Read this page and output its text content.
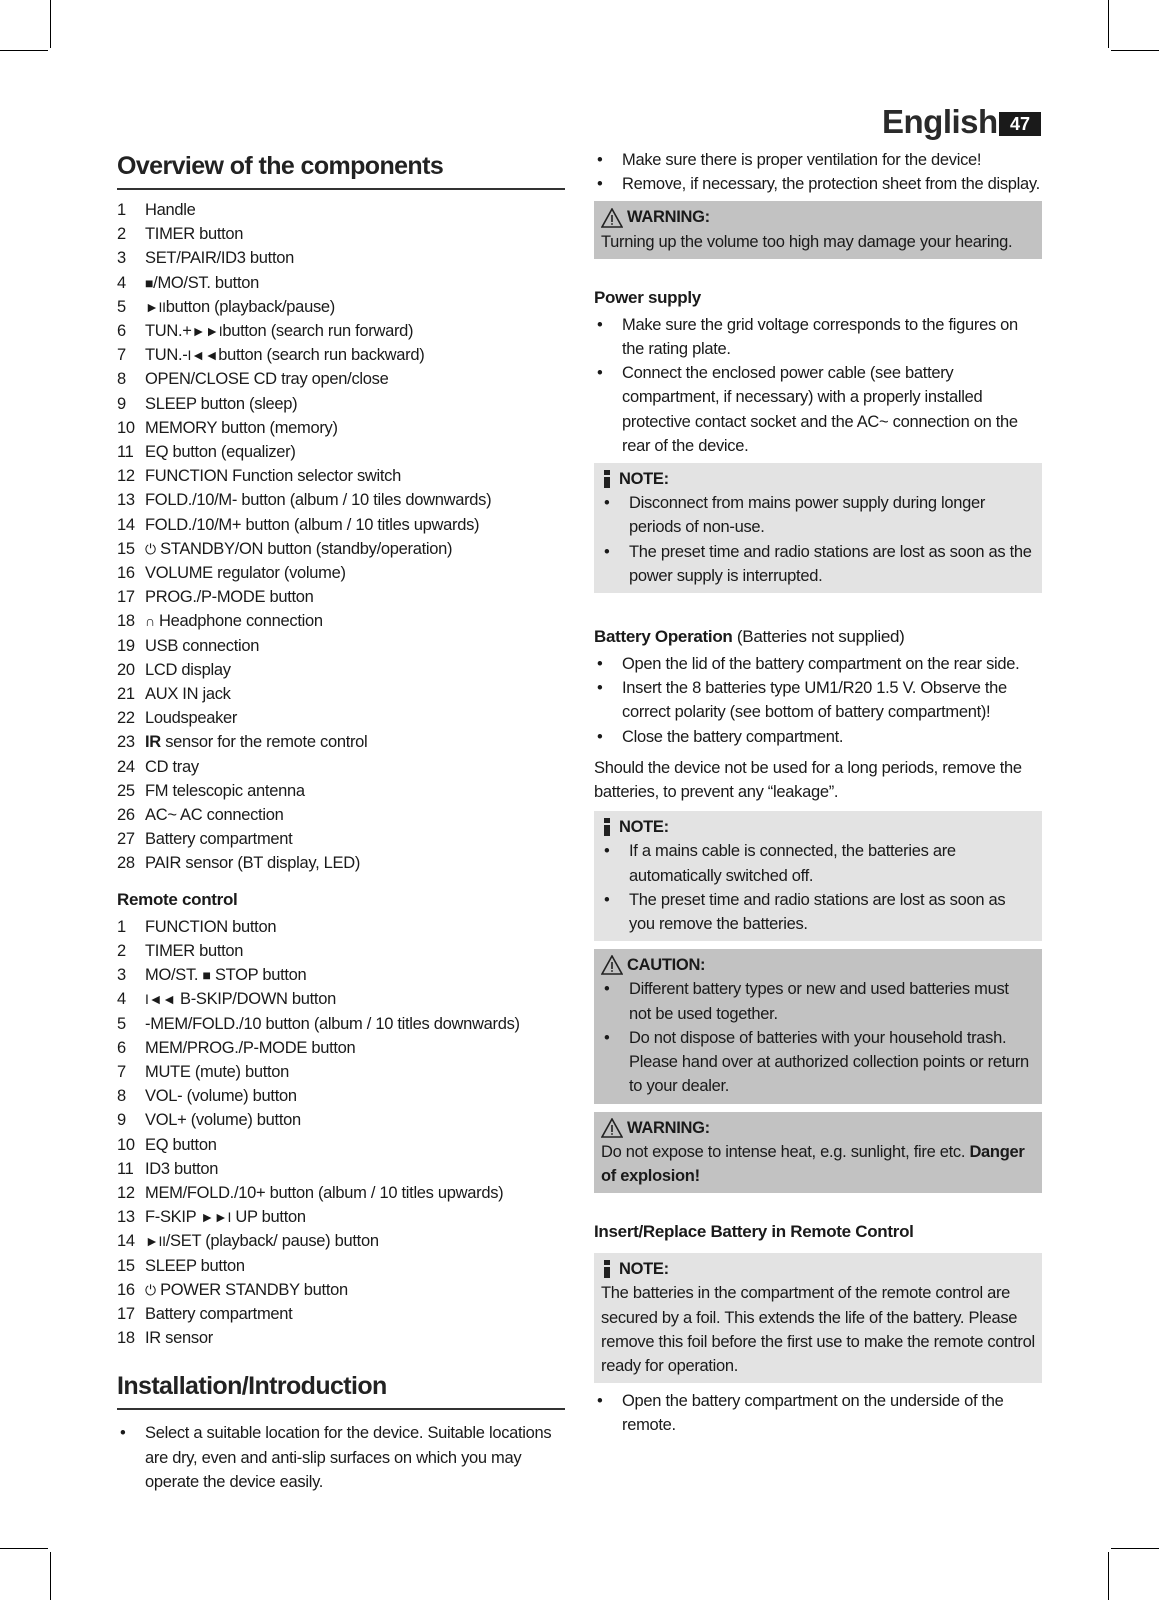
English 47
Overview of the components
1	Handle
2	TIMER button
3	SET/PAIR/ID3 button
4	■/MO/ST. button
5	►IIbutton (playback/pause)
6	TUN.+►►Ibutton (search run forward)
7	TUN.-I◄◄button (search run backward)
8	OPEN/CLOSE CD tray open/close
9	SLEEP button (sleep)
10 MEMORY button (memory)
11 EQ button (equalizer)
12 FUNCTION Function selector switch
13 FOLD./10/M- button (album / 10 tiles downwards)
14 FOLD./10/M+ button (album / 10 titles upwards)
15 ⏻ STANDBY/ON button (standby/operation)
16 VOLUME regulator (volume)
17 PROG./P-MODE button
18 ∩ Headphone connection
19 USB connection
20 LCD display
21 AUX IN jack
22 Loudspeaker
23 IR sensor for the remote control
24 CD tray
25 FM telescopic antenna
26 AC~ AC connection
27 Battery compartment
28 PAIR sensor (BT display, LED)
Remote control
1	FUNCTION button
2	TIMER button
3	MO/ST. ■ STOP button
4	I◄◄ B-SKIP/DOWN button
5	-MEM/FOLD./10 button (album / 10 titles downwards)
6	MEM/PROG./P-MODE button
7	MUTE (mute) button
8	VOL- (volume) button
9	VOL+ (volume) button
10 EQ button
11 ID3 button
12 MEM/FOLD./10+ button (album / 10 titles upwards)
13 F-SKIP ►►I UP button
14 ►II/SET (playback/ pause) button
15 SLEEP button
16 ⏻ POWER STANDBY button
17 Battery compartment
18 IR sensor
Installation/Introduction
• Select a suitable location for the device. Suitable locations are dry, even and anti-slip surfaces on which you may operate the device easily.
• Make sure there is proper ventilation for the device!
• Remove, if necessary, the protection sheet from the display.
WARNING:
Turning up the volume too high may damage your hearing.
Power supply
• Make sure the grid voltage corresponds to the figures on the rating plate.
• Connect the enclosed power cable (see battery compartment, if necessary) with a properly installed protective contact socket and the AC~ connection on the rear of the device.
NOTE:
• Disconnect from mains power supply during longer periods of non-use.
• The preset time and radio stations are lost as soon as the power supply is interrupted.
Battery Operation (Batteries not supplied)
• Open the lid of the battery compartment on the rear side.
• Insert the 8 batteries type UM1/R20 1.5 V. Observe the correct polarity (see bottom of battery compartment)!
• Close the battery compartment.

Should the device not be used for a long periods, remove the batteries, to prevent any “leakage”.

NOTE:
• If a mains cable is connected, the batteries are automatically switched off.
• The preset time and radio stations are lost as soon as you remove the batteries.
CAUTION:
• Different battery types or new and used batteries must not be used together.
• Do not dispose of batteries with your household trash. Please hand over at authorized collection points or return to your dealer.
WARNING:
Do not expose to intense heat, e.g. sunlight, fire etc. Danger of explosion!
Insert/Replace Battery in Remote Control
NOTE:
The batteries in the compartment of the remote control are secured by a foil. This extends the life of the battery. Please remove this foil before the first use to make the remote control ready for operation.
• Open the battery compartment on the underside of the remote.
